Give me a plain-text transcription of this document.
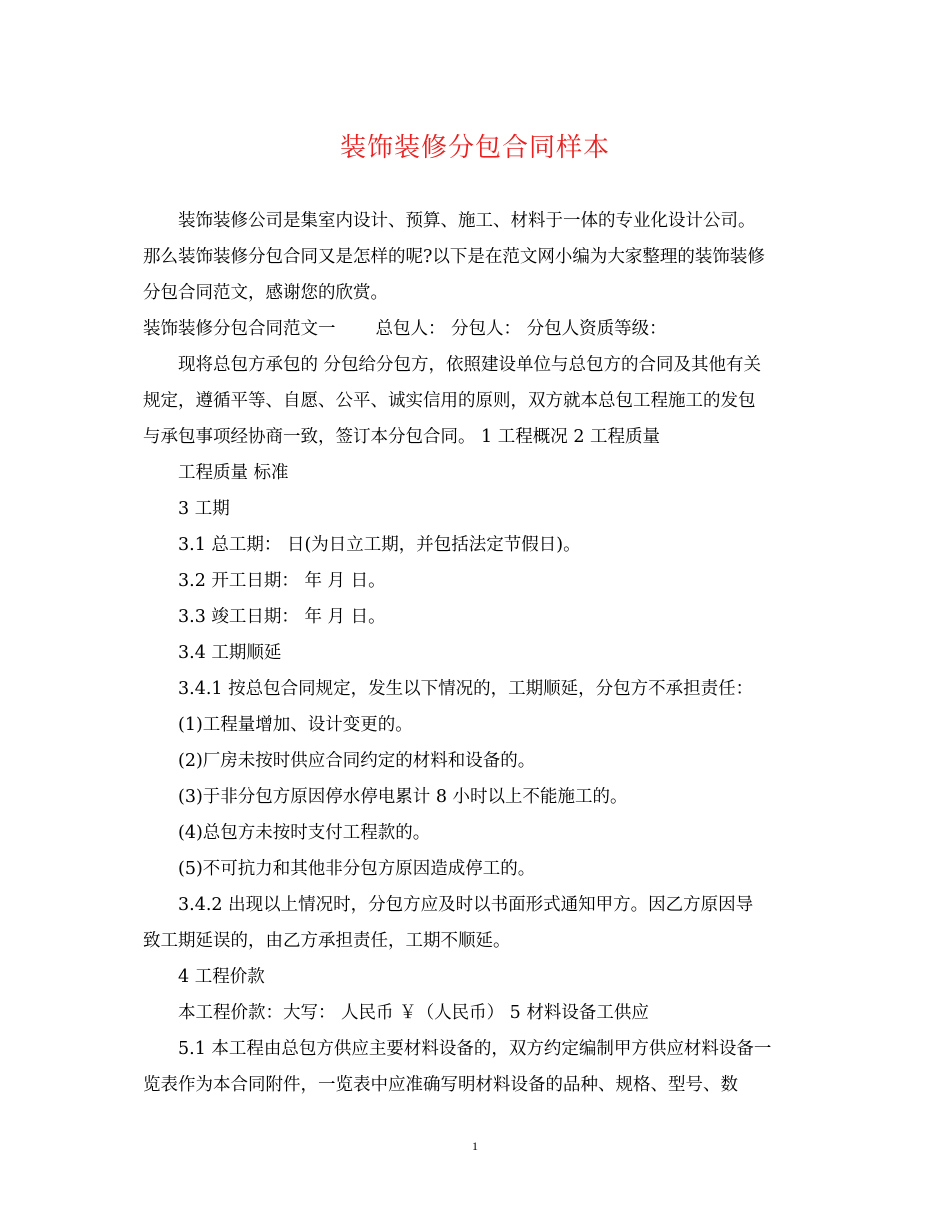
装饰装修分包合同样本

装饰装修公司是集室内设计、预算、施工、材料于一体的专业化设计公司。

那么装饰装修分包合同又是怎样的呢?以下是在范文网小编为大家整理的装饰装修

分包合同范文，感谢您的欣赏。

装饰装修分包合同范文一 总包人： 分包人： 分包人资质等级：

现将总包方承包的 分包给分包方，依照建设单位与总包方的合同及其他有关

规定，遵循平等、自愿、公平、诚实信用的原则，双方就本总包工程施工的发包

与承包事项经协商一致，签订本分包合同。 1 工程概况 2 工程质量

工程质量 标准

3 工期

3.1 总工期： 日(为日立工期，并包括法定节假日)。

3.2 开工日期： 年 月 日。

3.3 竣工日期： 年 月 日。

3.4 工期顺延

3.4.1 按总包合同规定，发生以下情况的，工期顺延，分包方不承担责任：

(1)工程量增加、设计变更的。

(2)厂房未按时供应合同约定的材料和设备的。

(3)于非分包方原因停水停电累计 8 小时以上不能施工的。

(4)总包方未按时支付工程款的。

(5)不可抗力和其他非分包方原因造成停工的。

3.4.2 出现以上情况时，分包方应及时以书面形式通知甲方。因乙方原因导

致工期延误的，由乙方承担责任，工期不顺延。

4 工程价款

本工程价款：大写： 人民币 ￥（人民币） 5 材料设备工供应

5.1 本工程由总包方供应主要材料设备的，双方约定编制甲方供应材料设备一

览表作为本合同附件，一览表中应准确写明材料设备的品种、规格、型号、数

1
